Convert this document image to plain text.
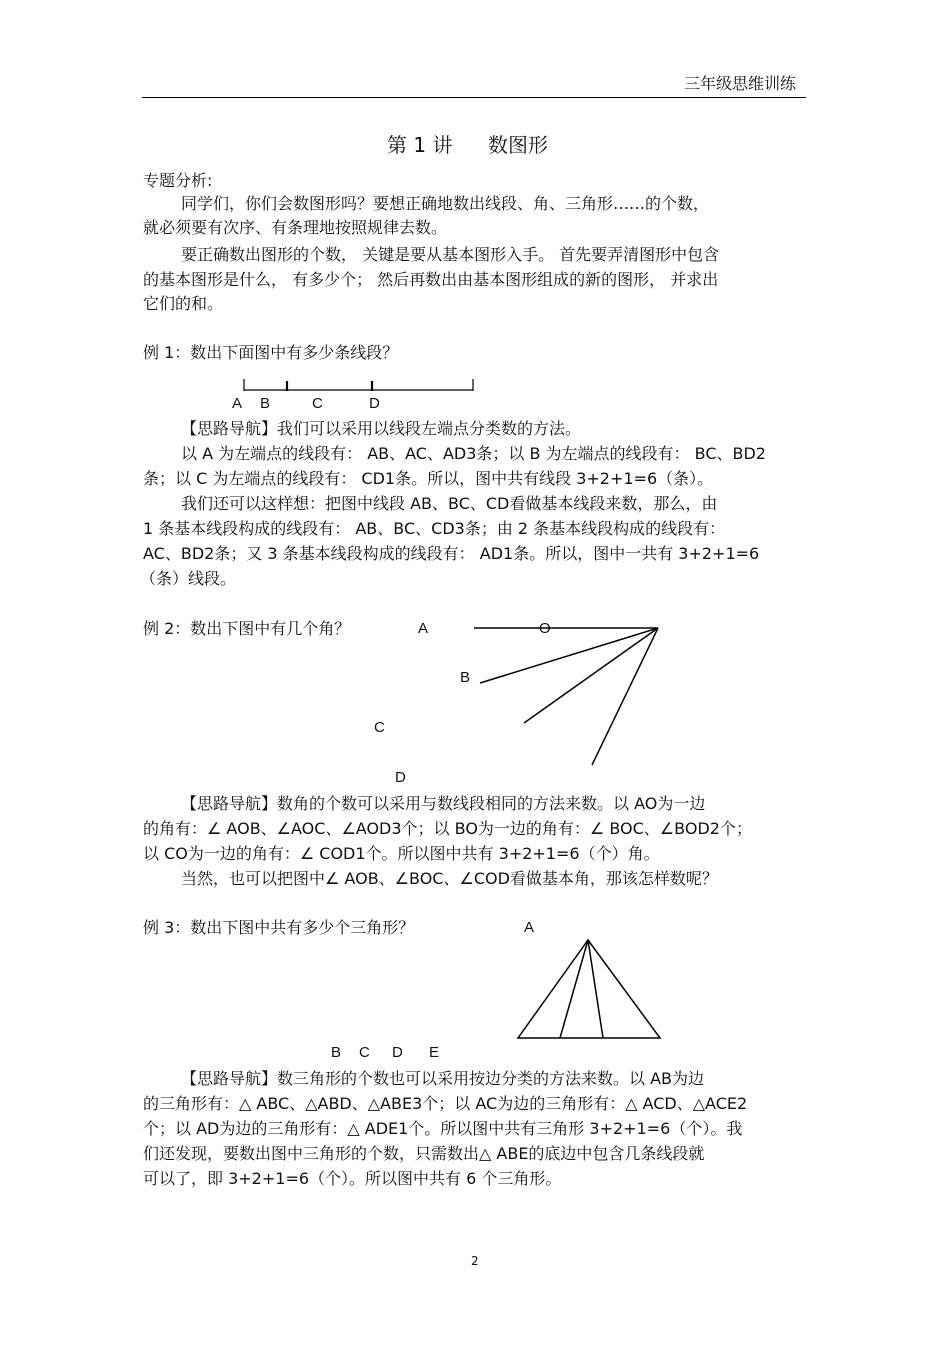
三年级思维训练
第 1 讲 数图形
专题分析:
同学们，你们会数图形吗？要想正确地数出线段、角、三角形……的个数，
就必须要有次序、有条理地按照规律去数。
要正确数出图形的个数， 关键是要从基本图形入手。 首先要弄清图形中包含
的基本图形是什么， 有多少个； 然后再数出由基本图形组成的新的图形， 并求出
它们的和。
例 1：数出下面图中有多少条线段？
A B	C	D
【思路导航】我们可以采用以线段左端点分类数的方法。
以 A 为左端点的线段有： AB、AC、AD3条；以 B 为左端点的线段有： BC、BD2
条；以 C 为左端点的线段有： CD1条。所以，图中共有线段 3+2+1=6（条）。
我们还可以这样想：把图中线段 AB、BC、CD看做基本线段来数，那么，由
1 条基本线段构成的线段有： AB、BC、CD3条；由 2 条基本线段构成的线段有：
AC、BD2条；又 3 条基本线段构成的线段有： AD1条。所以，图中一共有 3+2+1=6
（条）线段。
例 2：数出下图中有几个角？	A	O
B
C
D
【思路导航】数角的个数可以采用与数线段相同的方法来数。以 AO为一边
的角有：∠ AOB、∠AOC、∠AOD3个；以 BO为一边的角有：∠ BOC、∠BOD2个；
以 CO为一边的角有：∠ COD1个。所以图中共有 3+2+1=6（个）角。
当然，也可以把图中∠ AOB、∠BOC、∠COD看做基本角，那该怎样数呢？
例 3：数出下图中共有多少个三角形？	A
B C D E
【思路导航】数三角形的个数也可以采用按边分类的方法来数。以 AB为边
的三角形有：△ ABC、△ABD、△ABE3个；以 AC为边的三角形有：△ ACD、△ACE2
个；以 AD为边的三角形有：△ ADE1个。所以图中共有三角形 3+2+1=6（个）。我
们还发现，要数出图中三角形的个数，只需数出△ ABE的底边中包含几条线段就
可以了，即 3+2+1=6（个）。所以图中共有 6 个三角形。
2
